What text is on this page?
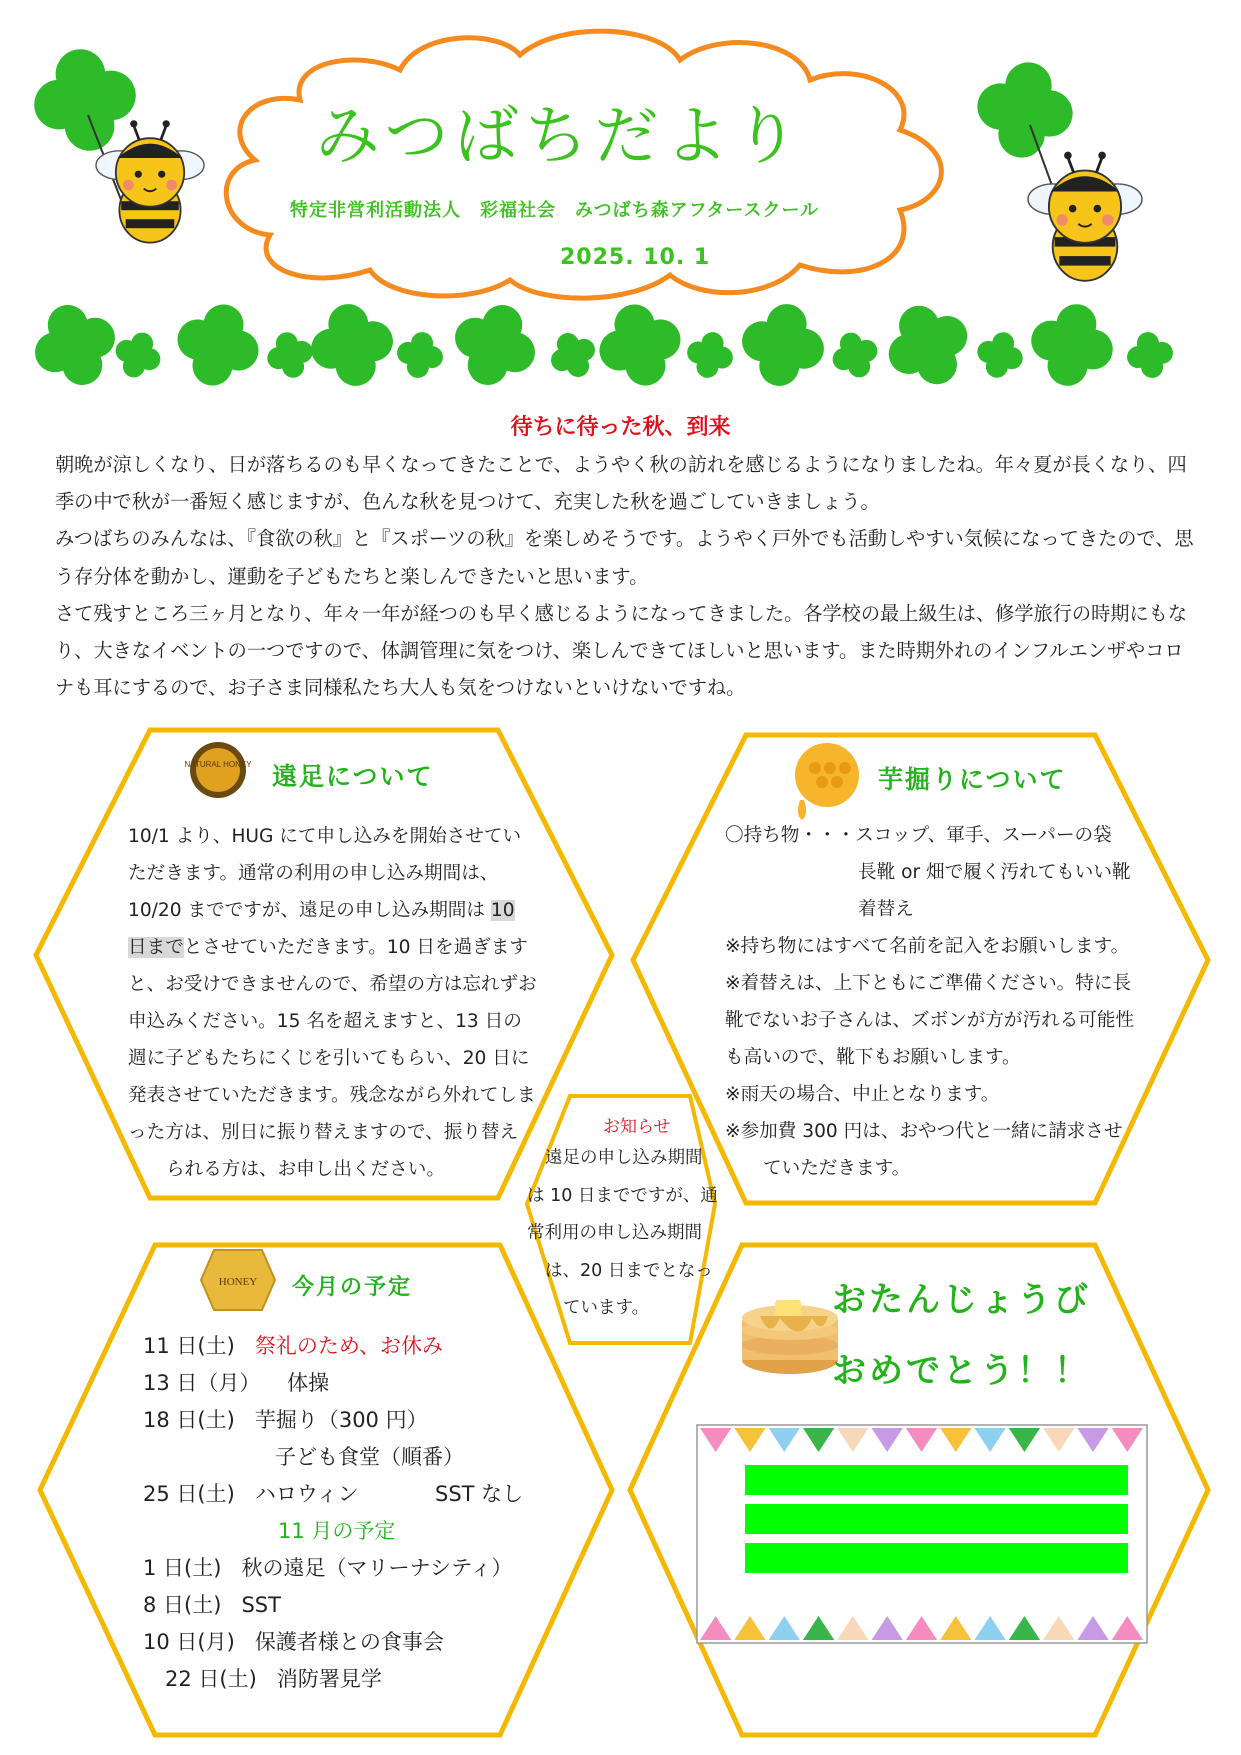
みつばちだより
特定非営利活動法人　彩福社会　みつばち森アフタースクール
2025. 10. 1
待ちに待った秋、到来

朝晩が涼しくなり、日が落ちるのも早くなってきたことで、ようやく秋の訪れを感じるようになりましたね。年々夏が長くなり、四季の中で秋が一番短く感じますが、色んな秋を見つけて、充実した秋を過ごしていきましょう。

みつばちのみんなは、『食欲の秋』と『スポーツの秋』を楽しめそうです。ようやく戸外でも活動しやすい気候になってきたので、思う存分体を動かし、運動を子どもたちと楽しんできたいと思います。

さて残すところ三ヶ月となり、年々一年が経つのも早く感じるようになってきました。各学校の最上級生は、修学旅行の時期にもなり、大きなイベントの一つですので、体調管理に気をつけ、楽しんできてほしいと思います。また時期外れのインフルエンザやコロナも耳にするので、お子さま同様私たち大人も気をつけないといけないですね。

NATURAL HONEY
HONEY
遠足について

10/1 より、HUG にて申し込みを開始させてい

ただきます。通常の利用の申し込み期間は、

10/20 までですが、遠足の申し込み期間は 10

日までとさせていただきます。10 日を過ぎます

と、お受けできませんので、希望の方は忘れずお

申込みください。15 名を超えますと、13 日の

週に子どもたちにくじを引いてもらい、20 日に

発表させていただきます。残念ながら外れてしま

った方は、別日に振り替えますので、振り替え

られる方は、お申し出ください。

芋掘りについて

〇持ち物・・・スコップ、軍手、スーパーの袋

長靴 or 畑で履く汚れてもいい靴

着替え

※持ち物にはすべて名前を記入をお願いします。

※着替えは、上下ともにご準備ください。特に長

靴でないお子さんは、ズボンが方が汚れる可能性

も高いので、靴下もお願いします。

※雨天の場合、中止となります。

※参加費 300 円は、おやつ代と一緒に請求させ

ていただきます。

お知らせ

遠足の申し込み期間

は 10 日までですが、通

常利用の申し込み期間

は、20 日までとなっ

ています。

今月の予定
11 日(土) 祭礼のため、お休み
13 日（月） 体操
18 日(土) 芋掘り（300 円）
子ども食堂（順番）
25 日(土) ハロウィン	SST なし
11 月の予定
1 日(土) 秋の遠足（マリーナシティ）
8 日(土) SST
10 日(月) 保護者様との食事会
22 日(土) 消防署見学
おたんじょうび
おめでとう！！
